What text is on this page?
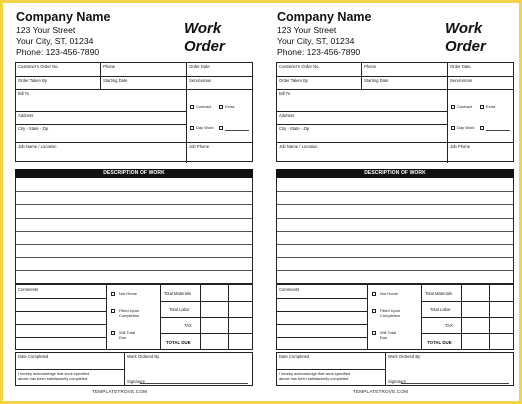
Company Name
123 Your Street
Your City, ST, 01234
Phone: 123-456-7890
Work
Order
Customer's Order No.	Phone	Order Date
Order Taken By	Starting Date	Serviceman
Bill To
Address
City - State - Zip
Job Name / Location	Job Phone
Contract	Extra
Day Work
DESCRIPTION OF WORK
Comments
Not Home
Filled Upon
Completion
Will Total
Due
Total Materials
Total Labor
TAX
TOTAL DUE
Date Completed	Work Ordered By
I hereby acknowledge that work specified
above has been satisfactorily completed.
Signature
TEMPLATETROVE.COM
Company Name
123 Your Street
Your City, ST, 01234
Phone: 123-456-7890
Work
Order
Customer's Order No.	Phone	Order Date
Order Taken By	Starting Date	Serviceman
Bill To
Address
City - State - Zip
Job Name / Location	Job Phone
Contract	Extra
Day Work
DESCRIPTION OF WORK
Comments
Not Home
Filled Upon
Completion
Will Total
Due
Total Materials
Total Labor
TAX
TOTAL DUE
Date Completed	Work Ordered By
I hereby acknowledge that work specified
above has been satisfactorily completed.
Signature
TEMPLATETROVE.COM
